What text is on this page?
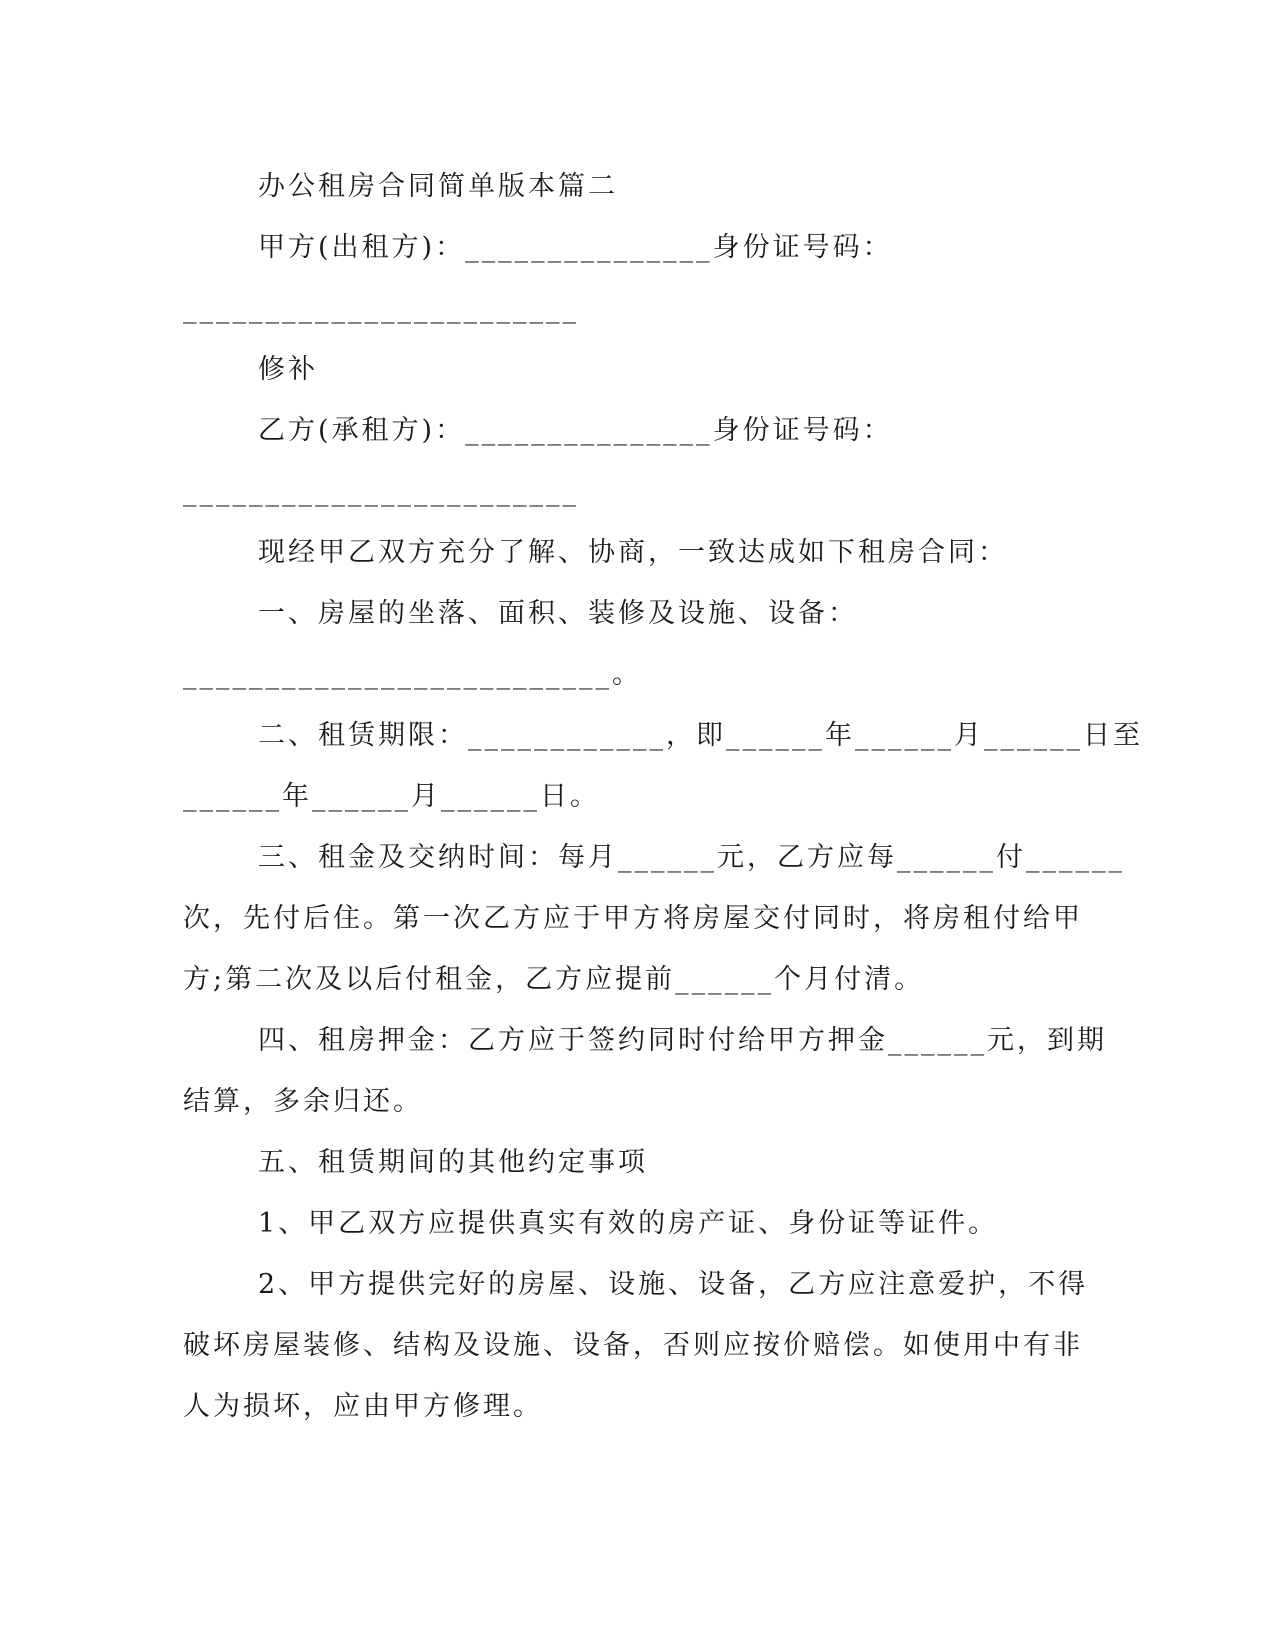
办公租房合同简单版本篇二
甲方(出租方)：_______________身份证号码：
________________________
修补
乙方(承租方)：_______________身份证号码：
________________________
现经甲乙双方充分了解、协商，一致达成如下租房合同：
一、房屋的坐落、面积、装修及设施、设备：
__________________________。
二、租赁期限：____________，即______年______月______日至
______年______月______日。
三、租金及交纳时间：每月______元，乙方应每______付______
次，先付后住。第一次乙方应于甲方将房屋交付同时，将房租付给甲
方;第二次及以后付租金，乙方应提前______个月付清。
四、租房押金：乙方应于签约同时付给甲方押金______元，到期
结算，多余归还。
五、租赁期间的其他约定事项
1、甲乙双方应提供真实有效的房产证、身份证等证件。
2、甲方提供完好的房屋、设施、设备，乙方应注意爱护，不得
破坏房屋装修、结构及设施、设备，否则应按价赔偿。如使用中有非
人为损坏，应由甲方修理。
